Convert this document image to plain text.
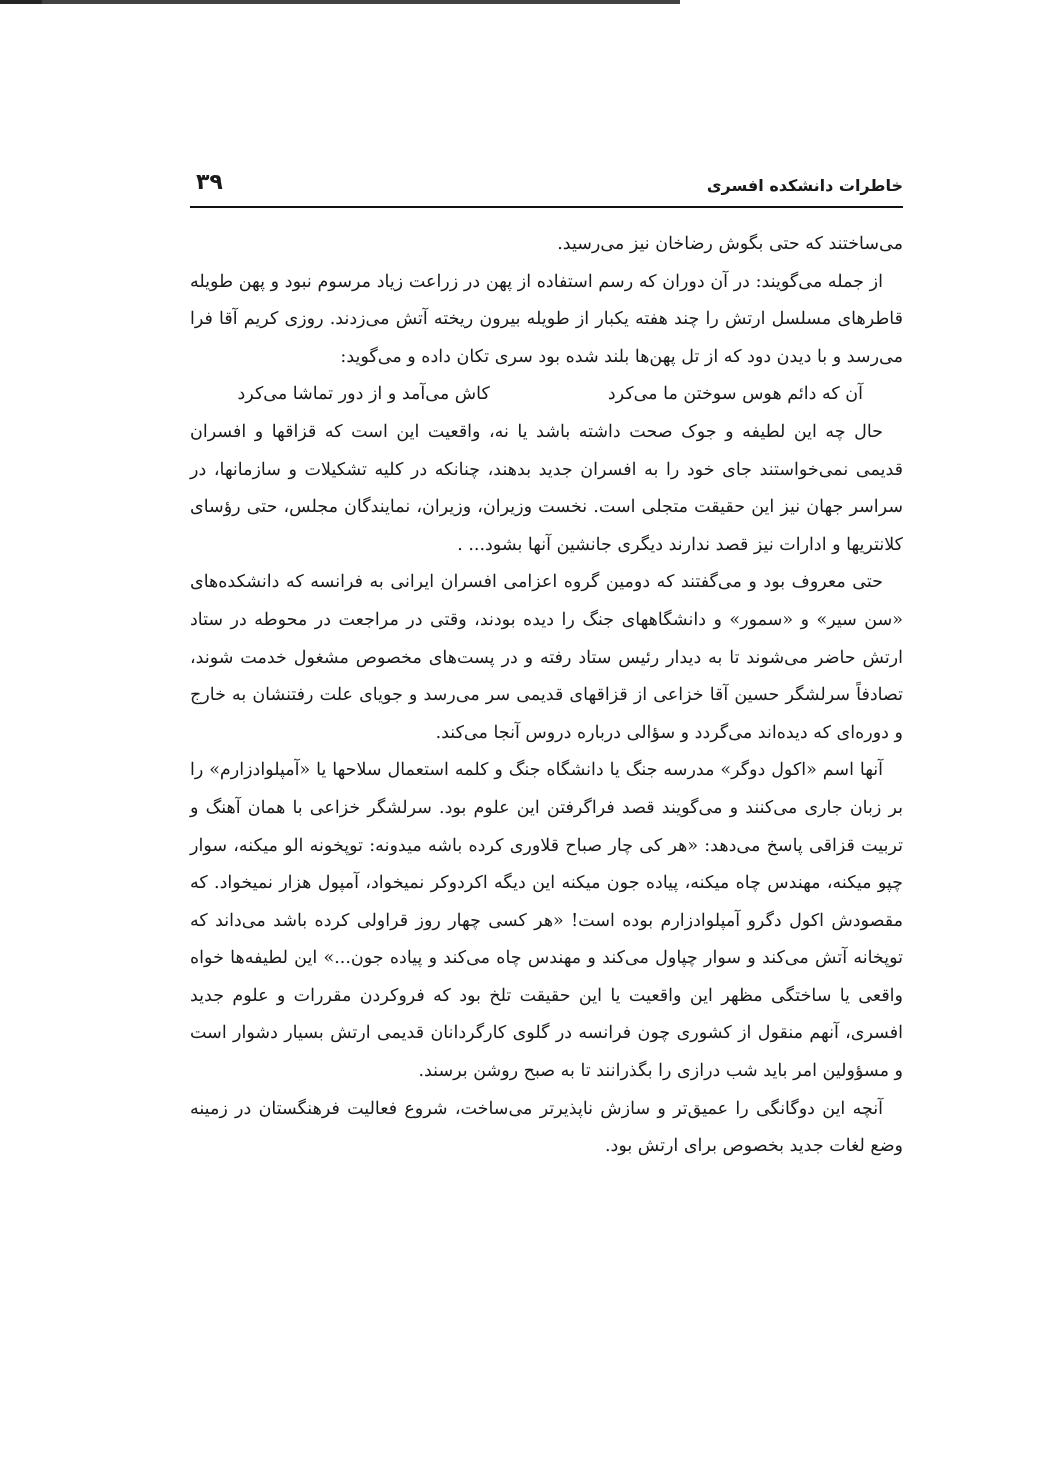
خاطرات دانشکده افسری
۳۹

می‌ساختند که حتی بگوش رضاخان نیز می‌رسید.

از جمله می‌گویند: در آن دوران که رسم استفاده از پهن در زراعت زیاد مرسوم نبود و پهن طویله قاطرهای مسلسل ارتش را چند هفته یکبار از طویله بیرون ریخته آتش می‌زدند. روزی کریم آقا فرا می‌رسد و با دیدن دود که از تل پهن‌ها بلند شده بود سری تکان داده و می‌گوید:

آن که دائم هوس سوختن ما می‌کرد
کاش می‌آمد و از دور تماشا می‌کرد

حال چه این لطیفه و جوک صحت داشته باشد یا نه، واقعیت این است که قزاقها و افسران قدیمی نمی‌خواستند جای خود را به افسران جدید بدهند، چنانکه در کلیه تشکیلات و سازمانها، در سراسر جهان نیز این حقیقت متجلی است. نخست وزیران، وزیران، نمایندگان مجلس، حتی رؤسای کلانتریها و ادارات نیز قصد ندارند دیگری جانشین آنها بشود... .

حتی معروف بود و می‌گفتند که دومین گروه اعزامی افسران ایرانی به فرانسه که دانشکده‌های «سن سیر» و «سمور» و دانشگاههای جنگ را دیده بودند، وقتی در مراجعت در محوطه در ستاد ارتش حاضر می‌شوند تا به دیدار رئیس ستاد رفته و در پست‌های مخصوص مشغول خدمت شوند، تصادفاً سرلشگر حسین آقا خزاعی از قزاقهای قدیمی سر می‌رسد و جویای علت رفتنشان به خارج و دوره‌ای که دیده‌اند می‌گردد و سؤالی درباره دروس آنجا می‌کند.

آنها اسم «اکول دوگر» مدرسه جنگ یا دانشگاه جنگ و کلمه استعمال سلاحها یا «آمپلوادزارم» را بر زبان جاری می‌کنند و می‌گویند قصد فراگرفتن این علوم بود. سرلشگر خزاعی با همان آهنگ و تربیت قزاقی پاسخ می‌دهد: «هر کی چار صباح قلاوری کرده باشه میدونه: توپخونه الو میکنه، سوار چپو میکنه، مهندس چاه میکنه، پیاده جون میکنه این دیگه اکردوکر نمیخواد، آمپول هزار نمیخواد. که مقصودش اکول دگرو آمپلوادزارم بوده است! «هر کسی چهار روز قراولی کرده باشد می‌داند که توپخانه آتش می‌کند و سوار چپاول می‌کند و مهندس چاه می‌کند و پیاده جون...» این لطیفه‌ها خواه واقعی یا ساختگی مظهر این واقعیت یا این حقیقت تلخ بود که فروکردن مقررات و علوم جدید افسری، آنهم منقول از کشوری چون فرانسه در گلوی کارگردانان قدیمی ارتش بسیار دشوار است و مسؤولین امر باید شب درازی را بگذرانند تا به صبح روشن برسند.

آنچه این دوگانگی را عمیق‌تر و سازش ناپذیرتر می‌ساخت، شروع فعالیت فرهنگستان در زمینه وضع لغات جدید بخصوص برای ارتش بود.
